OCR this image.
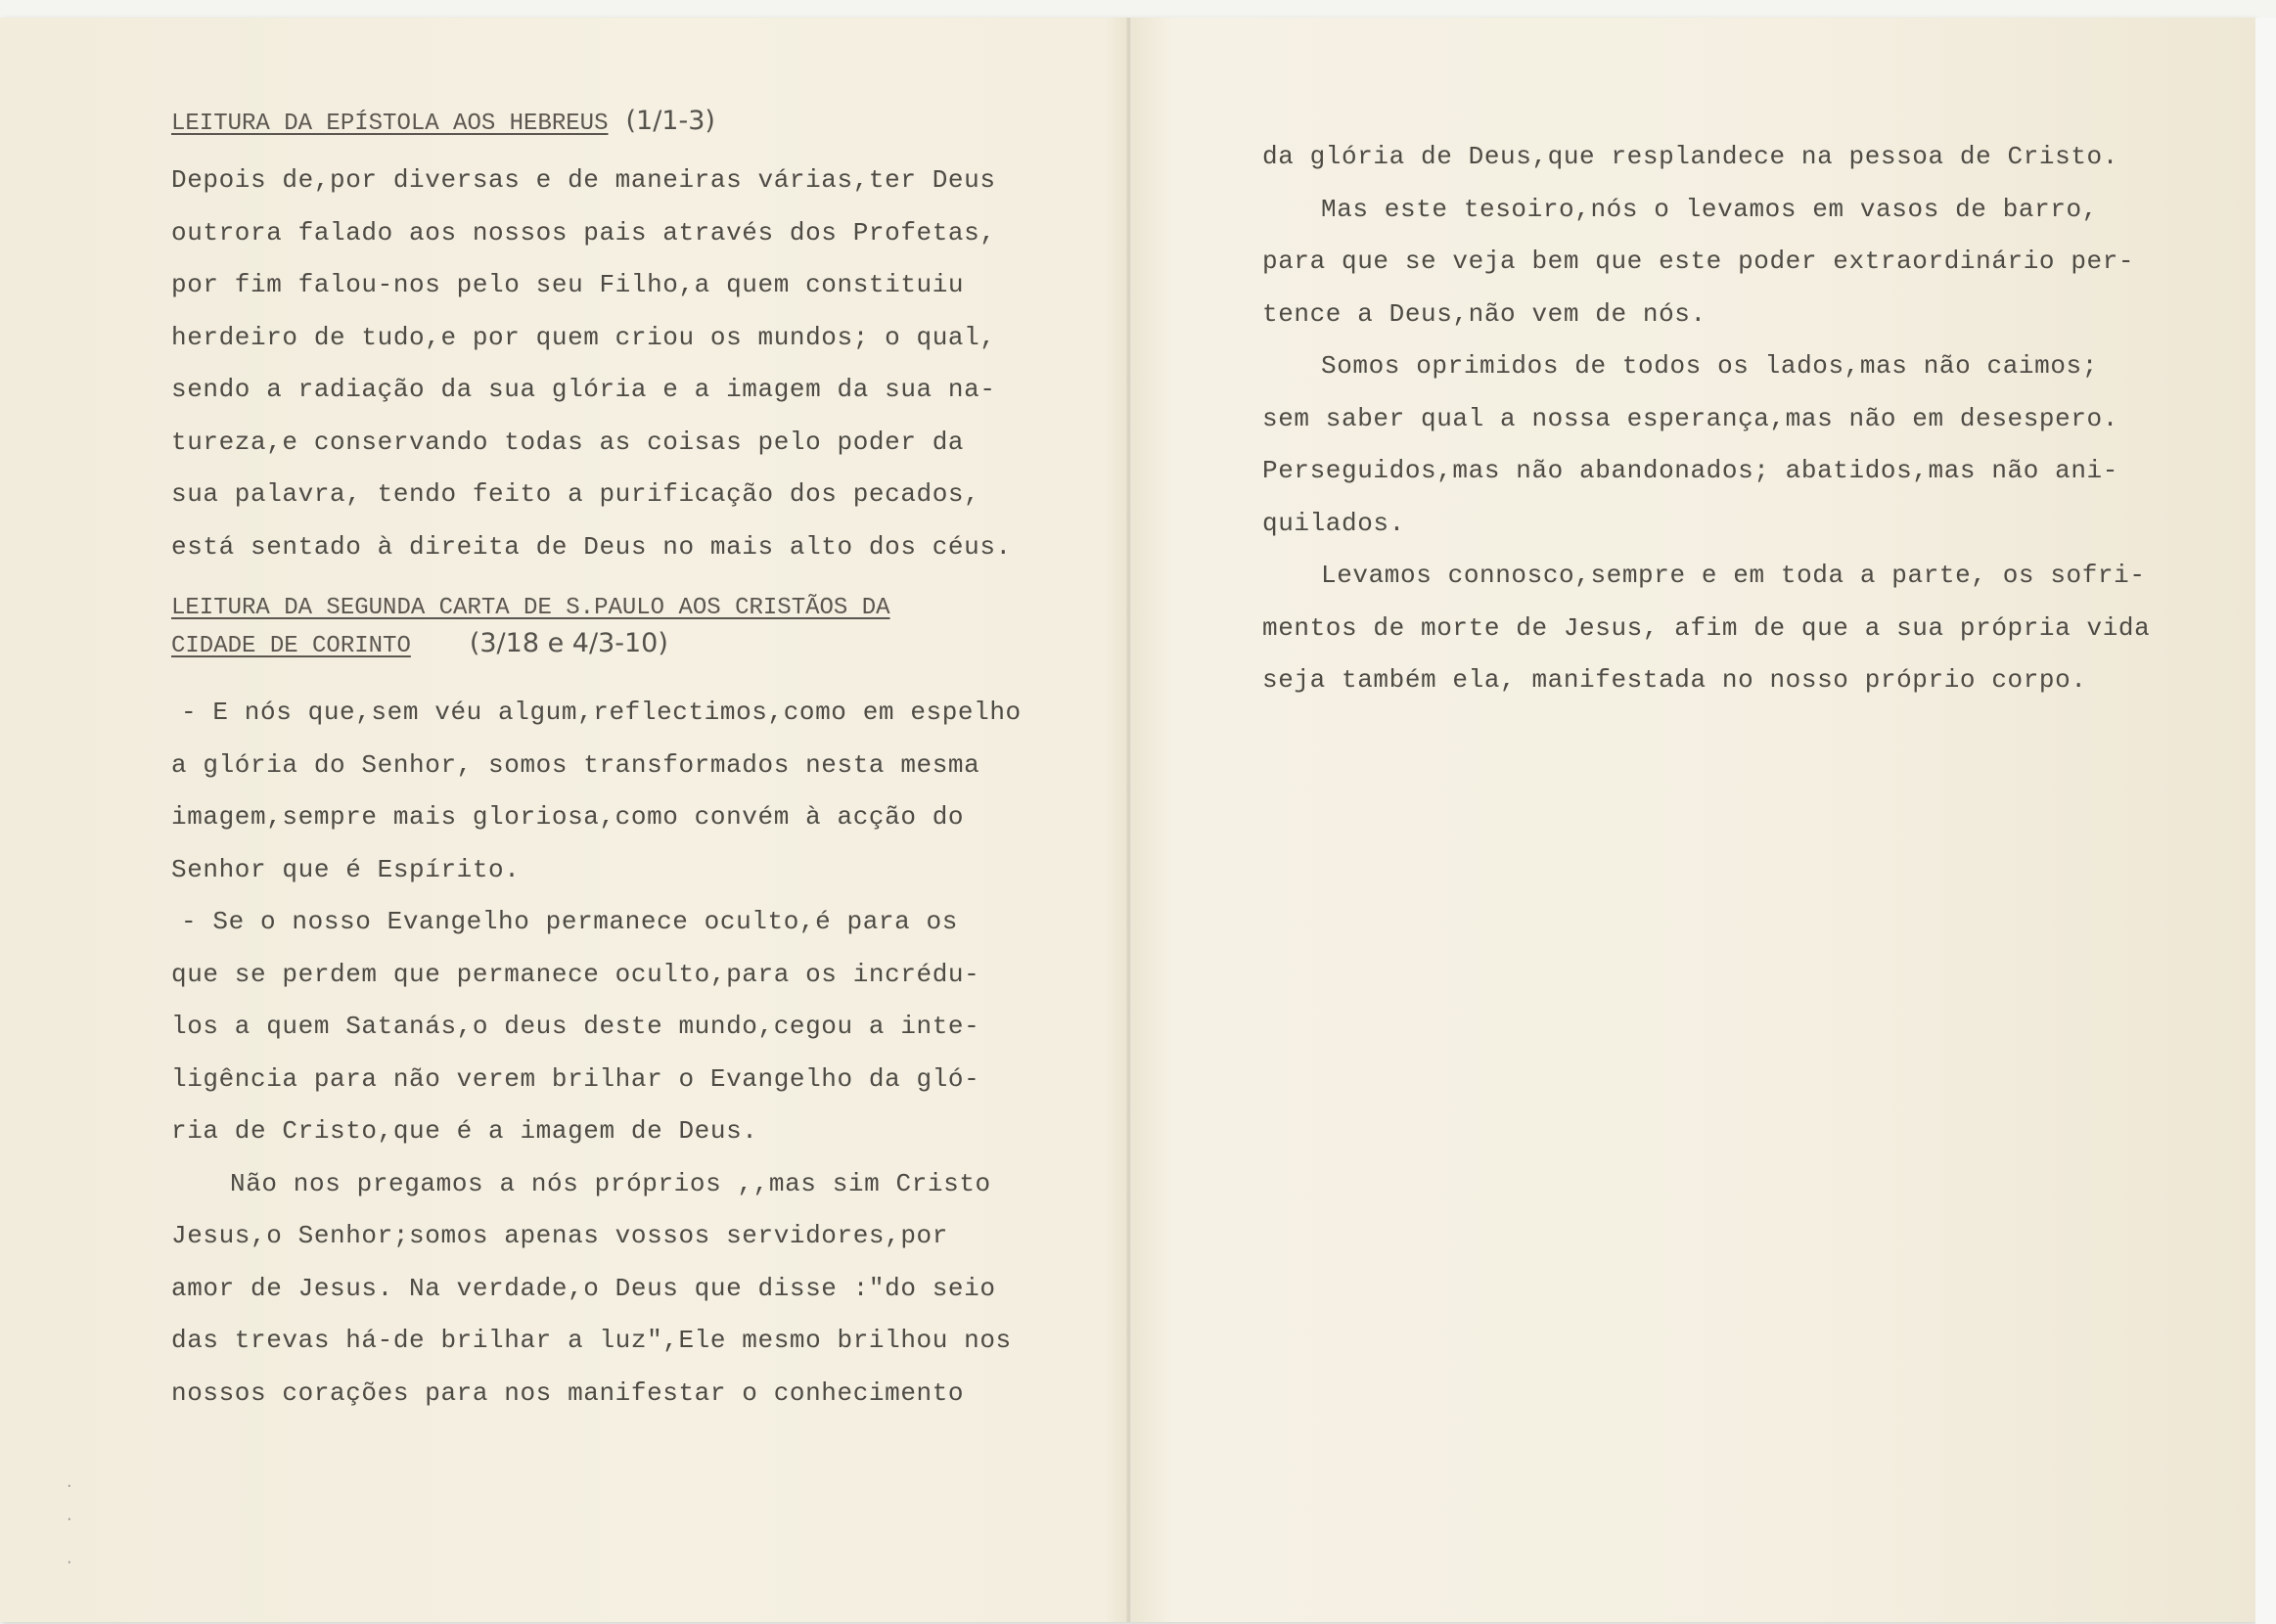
LEITURA DA EPÍSTOLA AOS HEBREUS (1/1-3)
Depois de,por diversas e de maneiras várias,ter Deus
outrora falado aos nossos pais através dos Profetas,
por fim falou-nos pelo seu Filho,a quem constituiu
herdeiro de tudo,e por quem criou os mundos; o qual,
sendo a radiação da sua glória e a imagem da sua na-
tureza,e conservando todas as coisas pelo poder da
sua palavra, tendo feito a purificação dos pecados,
está sentado à direita de Deus no mais alto dos céus.
LEITURA DA SEGUNDA CARTA DE S.PAULO AOS CRISTÃOS DA
CIDADE DE CORINTO (3/18 e 4/3-10)
- E nós que,sem véu algum,reflectimos,como em espelho
a glória do Senhor, somos transformados nesta mesma
imagem,sempre mais gloriosa,como convém à acção do
Senhor que é Espírito.
- Se o nosso Evangelho permanece oculto,é para os
que se perdem que permanece oculto,para os incrédu-
los a quem Satanás,o deus deste mundo,cegou a inte-
ligência para não verem brilhar o Evangelho da gló-
ria de Cristo,que é a imagem de Deus.
Não nos pregamos a nós próprios ,,mas sim Cristo
Jesus,o Senhor;somos apenas vossos servidores,por
amor de Jesus. Na verdade,o Deus que disse :"do seio
das trevas há-de brilhar a luz",Ele mesmo brilhou nos
nossos corações para nos manifestar o conhecimento
da glória de Deus,que resplandece na pessoa de Cristo.
Mas este tesoiro,nós o levamos em vasos de barro,
para que se veja bem que este poder extraordinário per-
tence a Deus,não vem de nós.
Somos oprimidos de todos os lados,mas não caimos;
sem saber qual a nossa esperança,mas não em desespero.
Perseguidos,mas não abandonados; abatidos,mas não ani-
quilados.
Levamos connosco,sempre e em toda a parte, os sofri-
mentos de morte de Jesus, afim de que a sua própria vida
seja também ela, manifestada no nosso próprio corpo.
·
·
·
